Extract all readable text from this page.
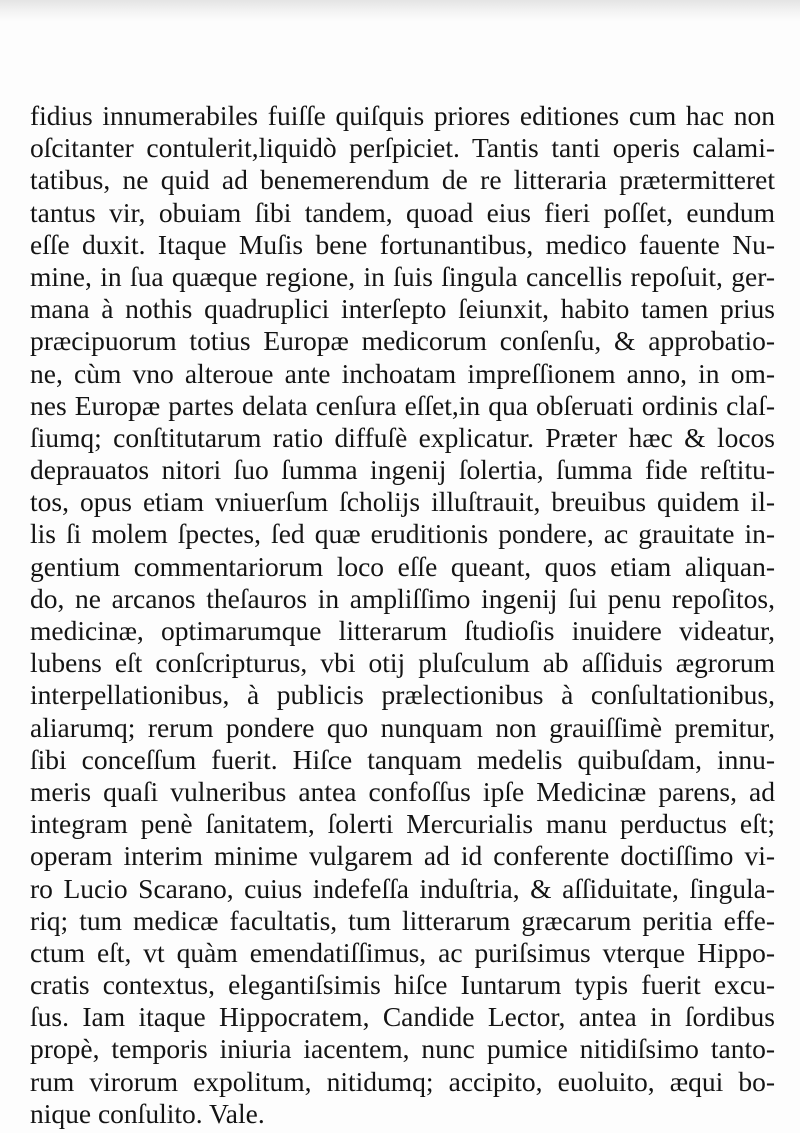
fidius innumerabiles fuiſſe quiſquis priores editiones cum hac non
oſcitanter contulerit,liquidò perſpiciet. Tantis tanti operis calami-
tatibus, ne quid ad benemerendum de re litteraria prætermitteret
tantus vir, obuiam ſibi tandem, quoad eius fieri poſſet, eundum
eſſe duxit. Itaque Muſis bene fortunantibus, medico fauente Nu-
mine, in ſua quæque regione, in ſuis ſingula cancellis repoſuit, ger-
mana à nothis quadruplici interſepto ſeiunxit, habito tamen prius
præcipuorum totius Europæ medicorum conſenſu, & approbatio-
ne, cùm vno alteroue ante inchoatam impreſſionem anno, in om-
nes Europæ partes delata cenſura eſſet,in qua obſeruati ordinis claſ-
ſiumq; conſtitutarum ratio diffuſè explicatur. Præter hæc & locos
deprauatos nitori ſuo ſumma ingenij ſolertia, ſumma fide reſtitu-
tos, opus etiam vniuerſum ſcholijs illuſtrauit, breuibus quidem il-
lis ſi molem ſpectes, ſed quæ eruditionis pondere, ac grauitate in-
gentium commentariorum loco eſſe queant, quos etiam aliquan-
do, ne arcanos theſauros in ampliſſimo ingenij ſui penu repoſitos,
medicinæ, optimarumque litterarum ſtudioſis inuidere videatur,
lubens eſt conſcripturus, vbi otij pluſculum ab aſſiduis ægrorum
interpellationibus, à publicis prælectionibus à conſultationibus,
aliarumq; rerum pondere quo nunquam non grauiſſimè premitur,
ſibi conceſſum fuerit. Hiſce tanquam medelis quibuſdam, innu-
meris quaſi vulneribus antea confoſſus ipſe Medicinæ parens, ad
integram penè ſanitatem, ſolerti Mercurialis manu perductus eſt;
operam interim minime vulgarem ad id conferente doctiſſimo vi-
ro Lucio Scarano, cuius indefeſſa induſtria, & aſſiduitate, ſingula-
riq; tum medicæ facultatis, tum litterarum græcarum peritia effe-
ctum eſt, vt quàm emendatiſſimus, ac puriſsimus vterque Hippo-
cratis contextus, elegantiſsimis hiſce Iuntarum typis fuerit excu-
ſus. Iam itaque Hippocratem, Candide Lector, antea in ſordibus
propè, temporis iniuria iacentem, nunc pumice nitidiſsimo tanto-
rum virorum expolitum, nitidumq; accipito, euoluito, æqui bo-
nique conſulito. Vale.
